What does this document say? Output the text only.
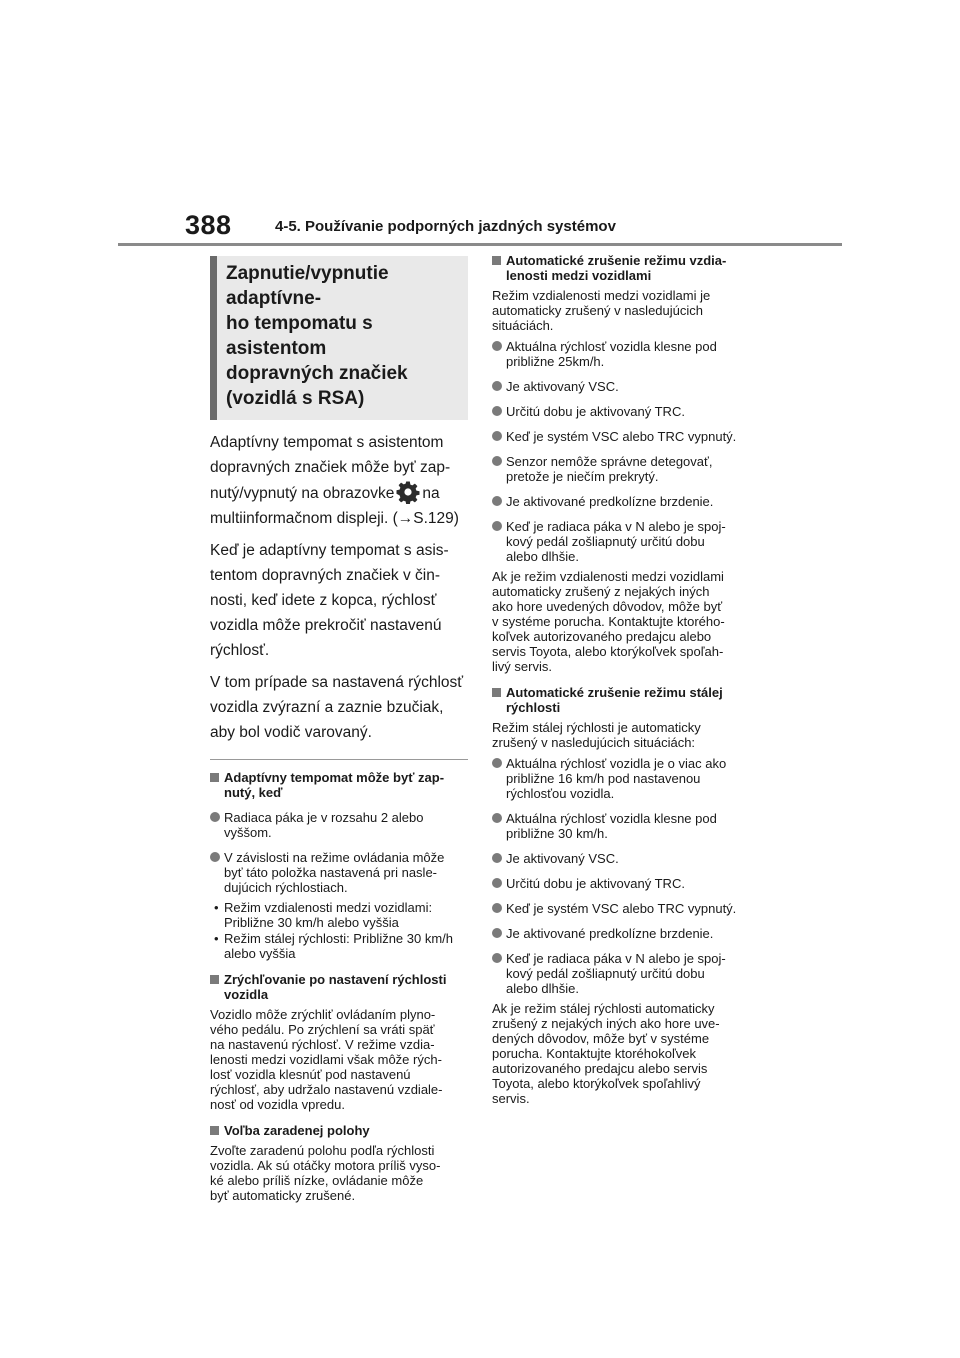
388	4-5. Používanie podporných jazdných systémov
Zapnutie/vypnutie adaptívne-
ho tempomatu s asistentom
dopravných značiek
(vozidlá s RSA)

Adaptívny tempomat s asistentom
dopravných značiek môže byť zap-
nutý/vypnutý na obrazovke na
multiinformačnom displeji. (→S.129)

Keď je adaptívny tempomat s asis-
tentom dopravných značiek v čin-
nosti, keď idete z kopca, rýchlosť
vozidla môže prekročiť nastavenú
rýchlosť.

V tom prípade sa nastavená rýchlosť
vozidla zvýrazní a zaznie bzučiak,
aby bol vodič varovaný.

Adaptívny tempomat môže byť zap-
nutý, keď
Radiaca páka je v rozsahu 2 alebo
vyššom.
V závislosti na režime ovládania môže
byť táto položka nastavená pri nasle-
dujúcich rýchlostiach.
• Režim vzdialenosti medzi vozidlami:
Približne 30 km/h alebo vyššia
• Režim stálej rýchlosti: Približne 30 km/h
alebo vyššia
Zrýchľovanie po nastavení rýchlosti
vozidla
Vozidlo môže zrýchliť ovládaním plyno-
vého pedálu. Po zrýchlení sa vráti späť
na nastavenú rýchlosť. V režime vzdia-
lenosti medzi vozidlami však môže rých-
losť vozidla klesnúť pod nastavenú
rýchlosť, aby udržalo nastavenú vzdiale-
nosť od vozidla vpredu.
Voľba zaradenej polohy
Zvoľte zaradenú polohu podľa rýchlosti
vozidla. Ak sú otáčky motora príliš vyso-
ké alebo príliš nízke, ovládanie môže
byť automaticky zrušené.
Automatické zrušenie režimu vzdia-
lenosti medzi vozidlami
Režim vzdialenosti medzi vozidlami je
automaticky zrušený v nasledujúcich
situáciách.
Aktuálna rýchlosť vozidla klesne pod
približne 25km/h.
Je aktivovaný VSC.
Určitú dobu je aktivovaný TRC.
Keď je systém VSC alebo TRC vypnutý.
Senzor nemôže správne detegovať,
pretože je niečím prekrytý.
Je aktivované predkolízne brzdenie.
Keď je radiaca páka v N alebo je spoj-
kový pedál zošliapnutý určitú dobu
alebo dlhšie.
Ak je režim vzdialenosti medzi vozidlami
automaticky zrušený z nejakých iných
ako hore uvedených dôvodov, môže byť
v systéme porucha. Kontaktujte ktorého-
koľvek autorizovaného predajcu alebo
servis Toyota, alebo ktorýkoľvek spoľah-
livý servis.
Automatické zrušenie režimu stálej
rýchlosti
Režim stálej rýchlosti je automaticky
zrušený v nasledujúcich situáciách:
Aktuálna rýchlosť vozidla je o viac ako
približne 16 km/h pod nastavenou
rýchlosťou vozidla.
Aktuálna rýchlosť vozidla klesne pod
približne 30 km/h.
Je aktivovaný VSC.
Určitú dobu je aktivovaný TRC.
Keď je systém VSC alebo TRC vypnutý.
Je aktivované predkolízne brzdenie.
Keď je radiaca páka v N alebo je spoj-
kový pedál zošliapnutý určitú dobu
alebo dlhšie.
Ak je režim stálej rýchlosti automaticky
zrušený z nejakých iných ako hore uve-
dených dôvodov, môže byť v systéme
porucha. Kontaktujte ktoréhokoľvek
autorizovaného predajcu alebo servis
Toyota, alebo ktorýkoľvek spoľahlivý
servis.
